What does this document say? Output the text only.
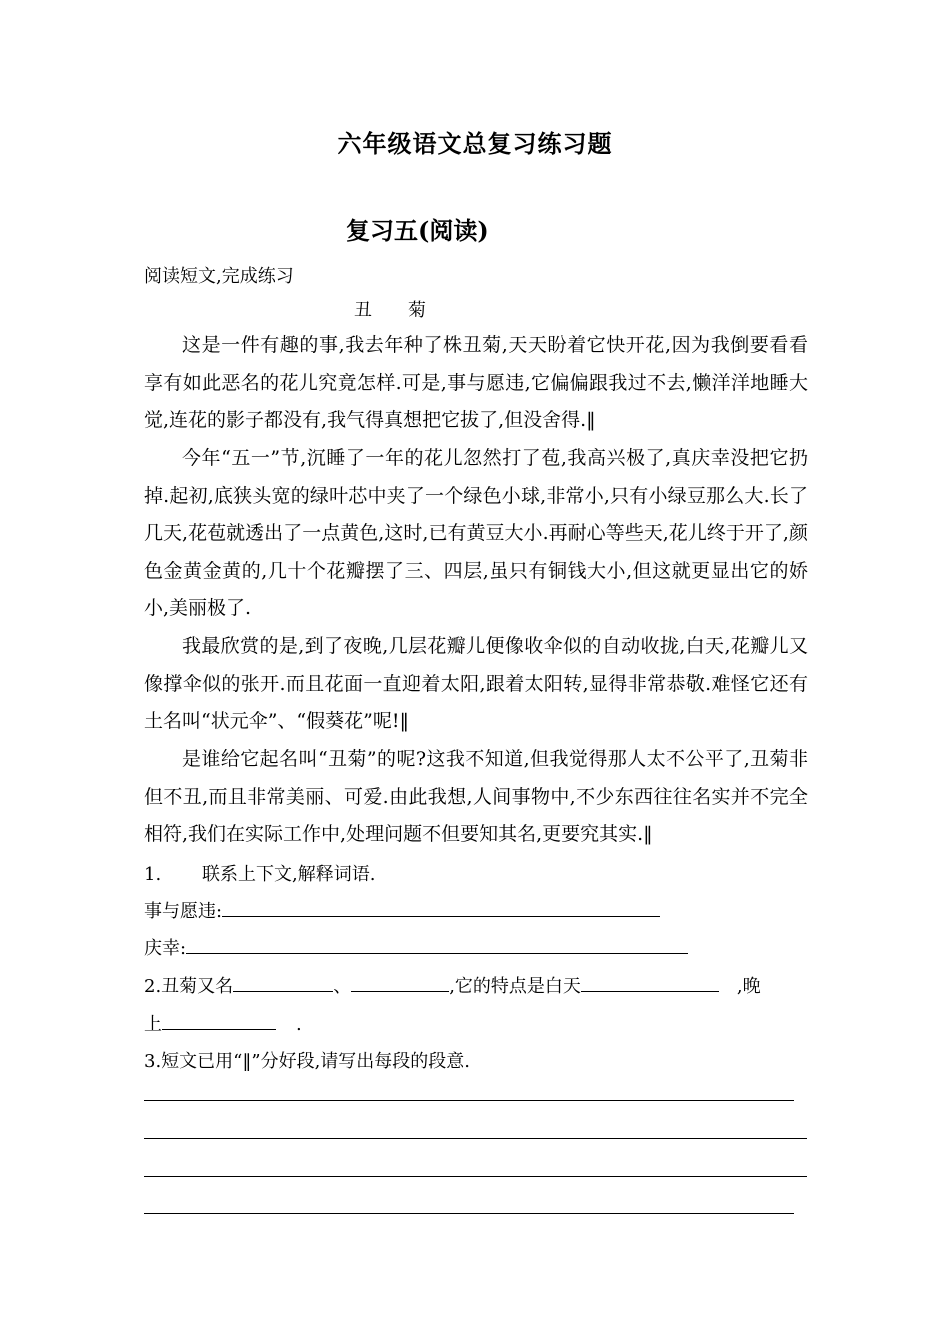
六年级语文总复习练习题
复习五(阅读)
阅读短文,完成练习
丑 菊
这是一件有趣的事,我去年种了株丑菊,天天盼着它快开花,因为我倒要看看享有如此恶名的花儿究竟怎样.可是,事与愿违,它偏偏跟我过不去,懒洋洋地睡大觉,连花的影子都没有,我气得真想把它拔了,但没舍得.‖
今年“五一”节,沉睡了一年的花儿忽然打了苞,我高兴极了,真庆幸没把它扔掉.起初,底狭头宽的绿叶芯中夹了一个绿色小球,非常小,只有小绿豆那么大.长了几天,花苞就透出了一点黄色,这时,已有黄豆大小.再耐心等些天,花儿终于开了,颜色金黄金黄的,几十个花瓣摆了三、四层,虽只有铜钱大小,但这就更显出它的娇小,美丽极了.
我最欣赏的是,到了夜晚,几层花瓣儿便像收伞似的自动收拢,白天,花瓣儿又像撑伞似的张开.而且花面一直迎着太阳,跟着太阳转,显得非常恭敬.难怪它还有土名叫“状元伞”、“假葵花”呢!‖
是谁给它起名叫“丑菊”的呢?这我不知道,但我觉得那人太不公平了,丑菊非但不丑,而且非常美丽、可爱.由此我想,人间事物中,不少东西往往名实并不完全相符,我们在实际工作中,处理问题不但要知其名,更要究其实.‖
1. 联系上下文,解释词语.
事与愿违:
庆幸:
2.丑菊又名	、	,它的特点是白天	,晚
上	.
3.短文已用“‖”分好段,请写出每段的段意.
